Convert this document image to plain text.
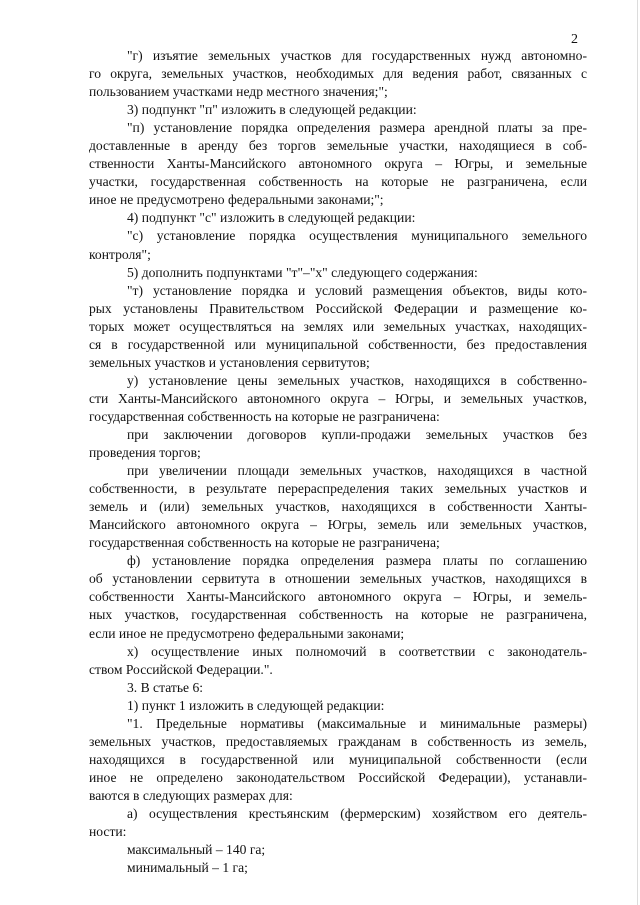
2
"г) изъятие земельных участков для государственных нужд автономно-
го округа, земельных участков, необходимых для ведения работ, связанных с
пользованием участками недр местного значения;";
3) подпункт "п" изложить в следующей редакции:
"п) установление порядка определения размера арендной платы за пре-
доставленные в аренду без торгов земельные участки, находящиеся в соб-
ственности Ханты-Мансийского автономного округа – Югры, и земельные
участки, государственная собственность на которые не разграничена, если
иное не предусмотрено федеральными законами;";
4) подпункт "с" изложить в следующей редакции:
"с) установление порядка осуществления муниципального земельного
контроля";
5) дополнить подпунктами "т"–"х" следующего содержания:
"т) установление порядка и условий размещения объектов, виды кото-
рых установлены Правительством Российской Федерации и размещение ко-
торых может осуществляться на землях или земельных участках, находящих-
ся в государственной или муниципальной собственности, без предоставления
земельных участков и установления сервитутов;
у) установление цены земельных участков, находящихся в собственно-
сти Ханты-Мансийского автономного округа – Югры, и земельных участков,
государственная собственность на которые не разграничена:
при заключении договоров купли-продажи земельных участков без
проведения торгов;
при увеличении площади земельных участков, находящихся в частной
собственности, в результате перераспределения таких земельных участков и
земель и (или) земельных участков, находящихся в собственности Ханты-
Мансийского автономного округа – Югры, земель или земельных участков,
государственная собственность на которые не разграничена;
ф) установление порядка определения размера платы по соглашению
об установлении сервитута в отношении земельных участков, находящихся в
собственности Ханты-Мансийского автономного округа – Югры, и земель-
ных участков, государственная собственность на которые не разграничена,
если иное не предусмотрено федеральными законами;
х) осуществление иных полномочий в соответствии с законодатель-
ством Российской Федерации.".
3. В статье 6:
1) пункт 1 изложить в следующей редакции:
"1. Предельные нормативы (максимальные и минимальные размеры)
земельных участков, предоставляемых гражданам в собственность из земель,
находящихся в государственной или муниципальной собственности (если
иное не определено законодательством Российской Федерации), устанавли-
ваются в следующих размерах для:
а) осуществления крестьянским (фермерским) хозяйством его деятель-
ности:
максимальный – 140 га;
минимальный – 1 га;
